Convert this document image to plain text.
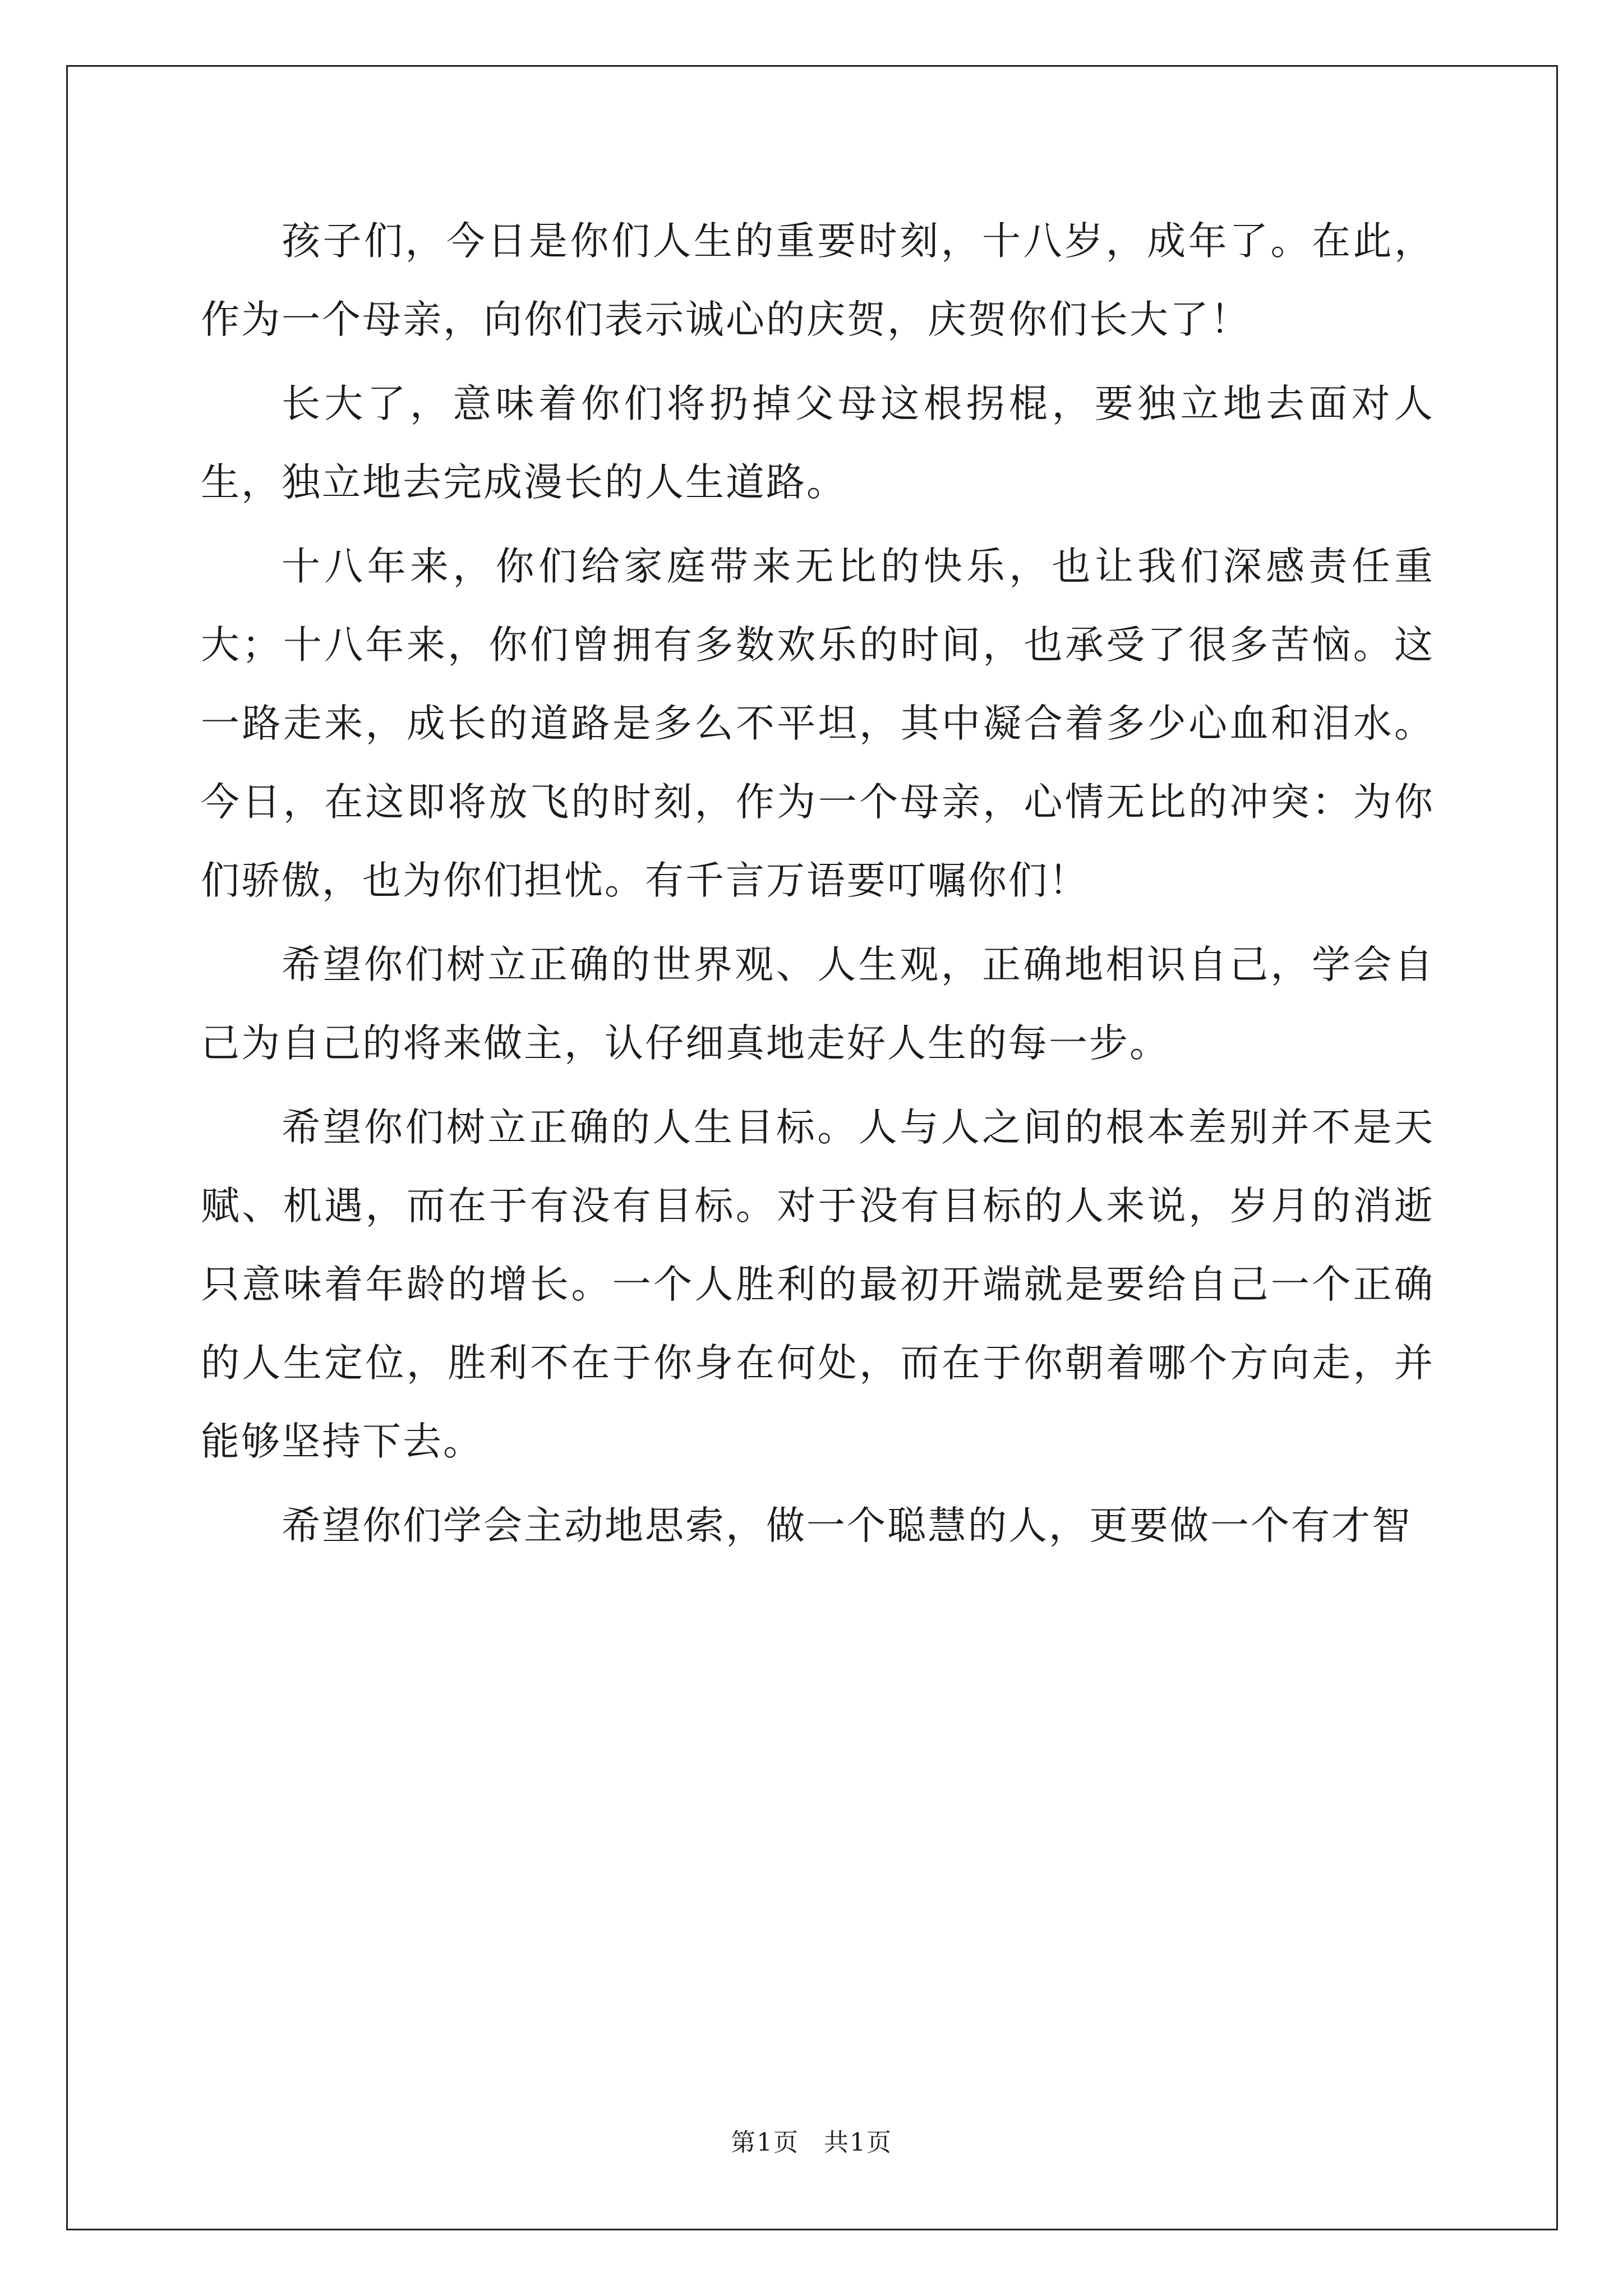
孩子们，今日是你们人生的重要时刻，十八岁，成年了。在此，作为一个母亲，向你们表示诚心的庆贺，庆贺你们长大了！

长大了，意味着你们将扔掉父母这根拐棍，要独立地去面对人生，独立地去完成漫长的人生道路。

十八年来，你们给家庭带来无比的快乐，也让我们深感责任重大；十八年来，你们曾拥有多数欢乐的时间，也承受了很多苦恼。这一路走来，成长的道路是多么不平坦，其中凝合着多少心血和泪水。今日，在这即将放飞的时刻，作为一个母亲，心情无比的冲突：为你们骄傲，也为你们担忧。有千言万语要叮嘱你们！

希望你们树立正确的世界观、人生观，正确地相识自己，学会自己为自己的将来做主，认仔细真地走好人生的每一步。

希望你们树立正确的人生目标。人与人之间的根本差别并不是天赋、机遇，而在于有没有目标。对于没有目标的人来说，岁月的消逝只意味着年龄的增长。一个人胜利的最初开端就是要给自己一个正确的人生定位，胜利不在于你身在何处，而在于你朝着哪个方向走，并能够坚持下去。

希望你们学会主动地思索，做一个聪慧的人，更要做一个有才智

第1页 共1页
